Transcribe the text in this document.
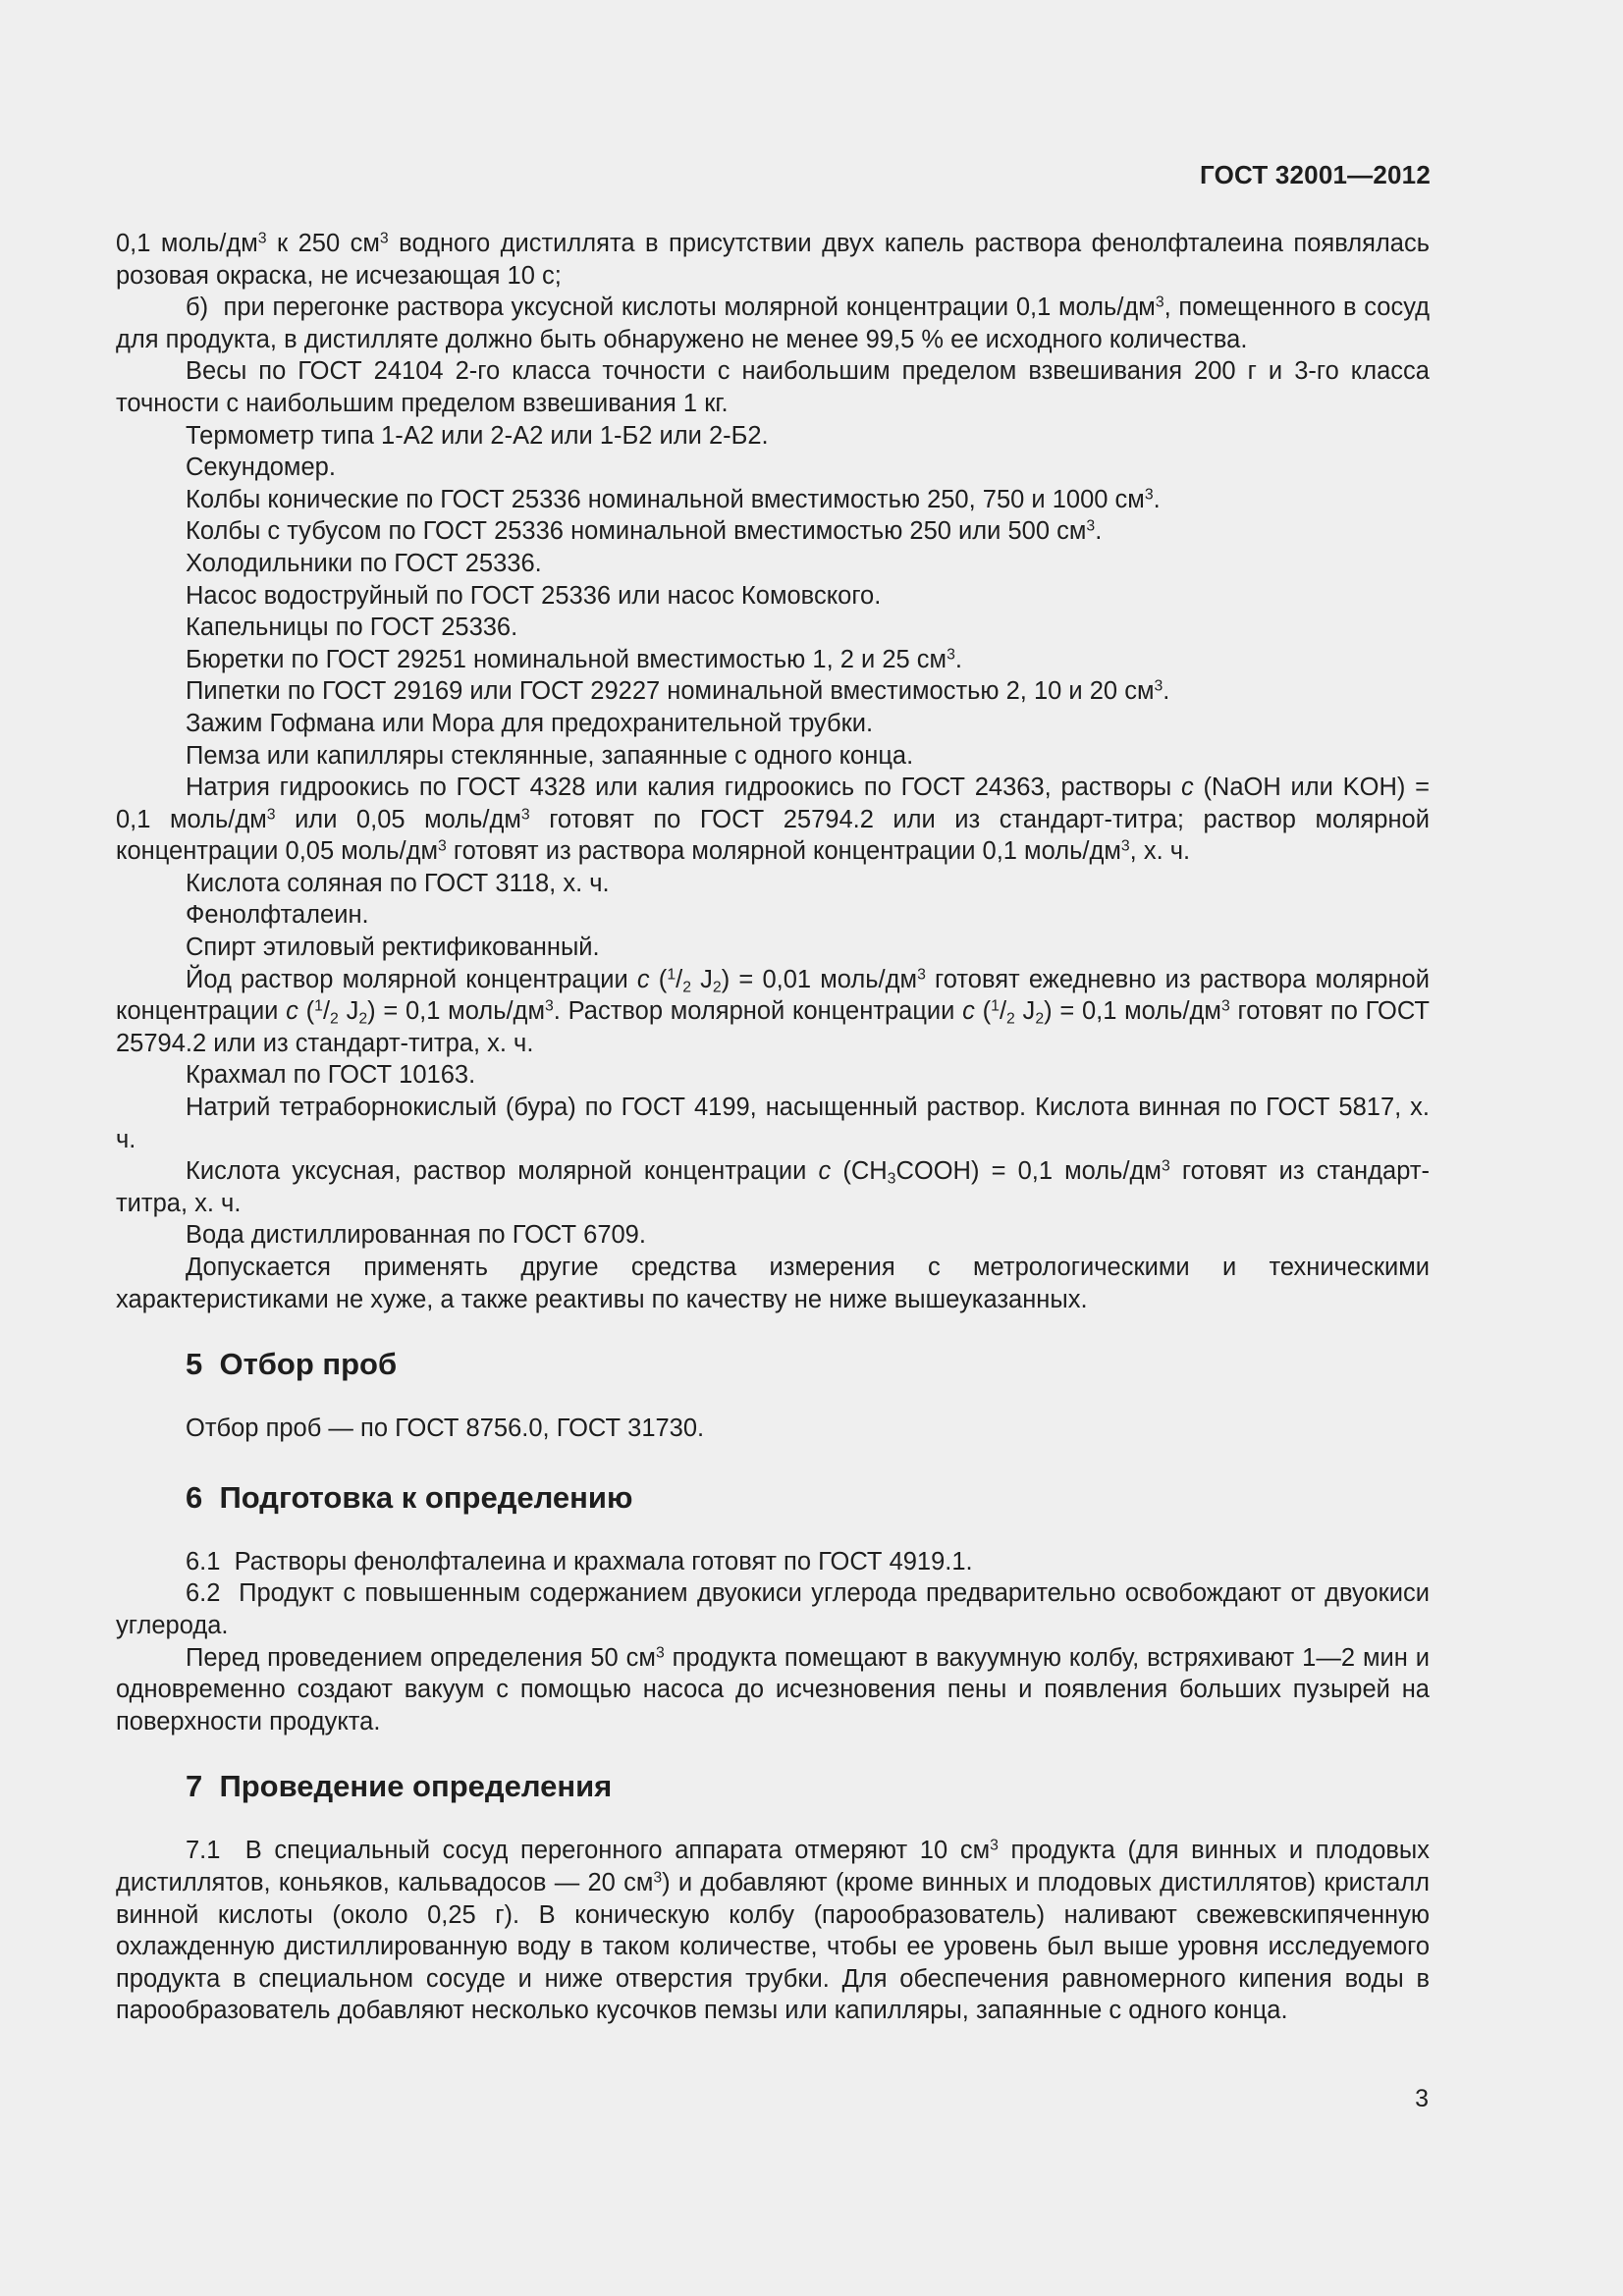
ГОСТ 32001—2012

0,1 моль/$дм^3$ к 250 $см^3$ водного дистиллята в присутствии двух капель раствора фенолфталеина появлялась розовая окраска, не исчезающая 10 с;

б)  при перегонке раствора уксусной кислоты молярной концентрации 0,1 моль/$дм^3$, помещенного в сосуд для продукта, в дистилляте должно быть обнаружено не менее 99,5 % ее исходного количества.

Весы по ГОСТ 24104 2-го класса точности с наибольшим пределом взвешивания 200 г и 3-го класса точности с наибольшим пределом взвешивания 1 кг.

Термометр типа 1-А2 или 2-А2 или 1-Б2 или 2-Б2.

Секундомер.

Колбы конические по ГОСТ 25336 номинальной вместимостью 250, 750 и 1000 $см^3$.

Колбы с тубусом по ГОСТ 25336 номинальной вместимостью 250 или 500 $см^3$.

Холодильники по ГОСТ 25336.

Насос водоструйный по ГОСТ 25336 или насос Комовского.

Капельницы по ГОСТ 25336.

Бюретки по ГОСТ 29251 номинальной вместимостью 1, 2 и 25 $см^3$.

Пипетки по ГОСТ 29169 или ГОСТ 29227 номинальной вместимостью 2, 10 и 20 $см^3$.

Зажим Гофмана или Мора для предохранительной трубки.

Пемза или капилляры стеклянные, запаянные с одного конца.

Натрия гидроокись по ГОСТ 4328 или калия гидроокись по ГОСТ 24363, растворы с (NaOH или KOH) = 0,1 моль/$дм^3$ или 0,05 моль/$дм^3$ готовят по ГОСТ 25794.2 или из стандарт-титра; раствор молярной концентрации 0,05 моль/$дм^3$ готовят из раствора молярной концентрации 0,1 моль/$дм^3$, х. ч.

Кислота соляная по ГОСТ 3118, х. ч.

Фенолфталеин.

Спирт этиловый ректификованный.

Йод раствор молярной концентрации с ($^1/_2$ $J_2) = 0,01$ моль/$дм^3$ готовят ежедневно из раствора молярной концентрации с ($^1/_2$ $J_2) = 0,1$ моль/$дм^3$. Раствор молярной концентрации с ($^1/_2$ $J_2) = 0,1$ моль/$дм^3$ готовят по ГОСТ 25794.2 или из стандарт-титра, х. ч.

Крахмал по ГОСТ 10163.

Натрий тетраборнокислый (бура) по ГОСТ 4199, насыщенный раствор. Кислота винная по ГОСТ 5817, х. ч.

Кислота уксусная, раствор молярной концентрации с $(CH_3COOH) = 0,1$ моль/$дм^3$ готовят из стандарт-титра, х. ч.

Вода дистиллированная по ГОСТ 6709.

Допускается применять другие средства измерения с метрологическими и техническими характеристиками не хуже, а также реактивы по качеству не ниже вышеуказанных.

5  Отбор проб

Отбор проб — по ГОСТ 8756.0, ГОСТ 31730.

6  Подготовка к определению

6.1  Растворы фенолфталеина и крахмала готовят по ГОСТ 4919.1.

6.2  Продукт с повышенным содержанием двуокиси углерода предварительно освобождают от двуокиси углерода.

Перед проведением определения 50 $см^3$ продукта помещают в вакуумную колбу, встряхивают 1—2 мин и одновременно создают вакуум с помощью насоса до исчезновения пены и появления больших пузырей на поверхности продукта.

7  Проведение определения

7.1  В специальный сосуд перегонного аппарата отмеряют 10 $см^3$ продукта (для винных и плодовых дистиллятов, коньяков, кальвадосов — 20 $см^3$) и добавляют (кроме винных и плодовых дистиллятов) кристалл винной кислоты (около 0,25 г). В коническую колбу (парообразователь) наливают свежевскипяченную охлажденную дистиллированную воду в таком количестве, чтобы ее уровень был выше уровня исследуемого продукта в специальном сосуде и ниже отверстия трубки. Для обеспечения равномерного кипения воды в парообразователь добавляют несколько кусочков пемзы или капилляры, запаянные с одного конца.

3
